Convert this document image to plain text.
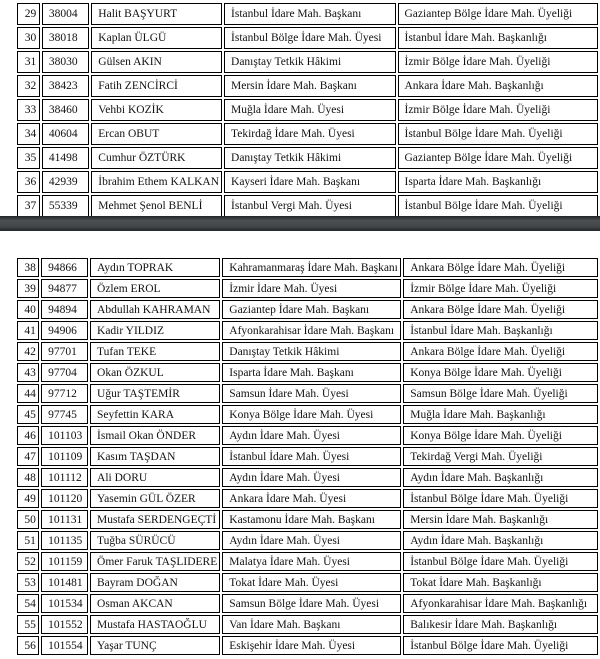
29	38004	Halit BAŞYURT	İstanbul İdare Mah. Başkanı	Gaziantep Bölge İdare Mah. Üyeliği
30	38018	Kaplan ÜLGÜ	İstanbul Bölge İdare Mah. Üyesi	İstanbul İdare Mah. Başkanlığı
31	38030	Gülsen AKIN	Danıştay Tetkik Hâkimi	İzmir Bölge İdare Mah. Üyeliği
32	38423	Fatih ZENCİRCİ	Mersin İdare Mah. Başkanı	Ankara İdare Mah. Başkanlığı
33	38460	Vehbi KOZİK	Muğla İdare Mah. Üyesi	İzmir Bölge İdare Mah. Üyeliği
34	40604	Ercan OBUT	Tekirdağ İdare Mah. Üyesi	İstanbul Bölge İdare Mah. Üyeliği
35	41498	Cumhur ÖZTÜRK	Danıştay Tetkik Hâkimi	Gaziantep Bölge İdare Mah. Üyeliği
36	42939	İbrahim Ethem KALKAN	Kayseri İdare Mah. Başkanı	Isparta İdare Mah. Başkanlığı
37	55339	Mehmet Şenol BENLİ	İstanbul Vergi Mah. Üyesi	İstanbul Bölge İdare Mah. Üyeliği
38	94866	Aydın TOPRAK	Kahramanmaraş İdare Mah. Başkanı	Ankara Bölge İdare Mah. Üyeliği
39	94877	Özlem EROL	İzmir İdare Mah. Üyesi	İzmir Bölge İdare Mah. Üyeliği
40	94894	Abdullah KAHRAMAN	Gaziantep İdare Mah. Başkanı	Ankara Bölge İdare Mah. Üyeliği
41	94906	Kadir YILDIZ	Afyonkarahisar İdare Mah. Başkanı	İstanbul İdare Mah. Başkanlığı
42	97701	Tufan TEKE	Danıştay Tetkik Hâkimi	Ankara Bölge İdare Mah. Üyeliği
43	97704	Okan ÖZKUL	Isparta İdare Mah. Başkanı	Konya Bölge İdare Mah. Üyeliği
44	97712	Uğur TAŞTEMİR	Samsun İdare Mah. Üyesi	Samsun Bölge İdare Mah. Üyeliği
45	97745	Seyfettin KARA	Konya Bölge İdare Mah. Üyesi	Muğla İdare Mah. Başkanlığı
46	101103	İsmail Okan ÖNDER	Aydın İdare Mah. Üyesi	Konya Bölge İdare Mah. Üyeliği
47	101109	Kasım TAŞDAN	İstanbul İdare Mah. Üyesi	Tekirdağ Vergi Mah. Üyeliği
48	101112	Ali DORU	Aydın İdare Mah. Üyesi	Aydın İdare Mah. Başkanlığı
49	101120	Yasemin GÜL ÖZER	Ankara İdare Mah. Üyesi	İstanbul Bölge İdare Mah. Üyeliği
50	101131	Mustafa SERDENGEÇTİ	Kastamonu İdare Mah. Başkanı	Mersin İdare Mah. Başkanlığı
51	101135	Tuğba SÜRÜCÜ	Aydın İdare Mah. Üyesi	Aydın İdare Mah. Başkanlığı
52	101159	Ömer Faruk TAŞLIDERE	Malatya İdare Mah. Üyesi	İstanbul Bölge İdare Mah. Üyeliği
53	101481	Bayram DOĞAN	Tokat İdare Mah. Üyesi	Tokat İdare Mah. Başkanlığı
54	101534	Osman AKCAN	Samsun Bölge İdare Mah. Üyesi	Afyonkarahisar İdare Mah. Başkanlığı
55	101552	Mustafa HASTAOĞLU	Van İdare Mah. Başkanı	Balıkesir İdare Mah. Başkanlığı
56	101554	Yaşar TUNÇ	Eskişehir İdare Mah. Üyesi	İstanbul Bölge İdare Mah. Üyeliği
